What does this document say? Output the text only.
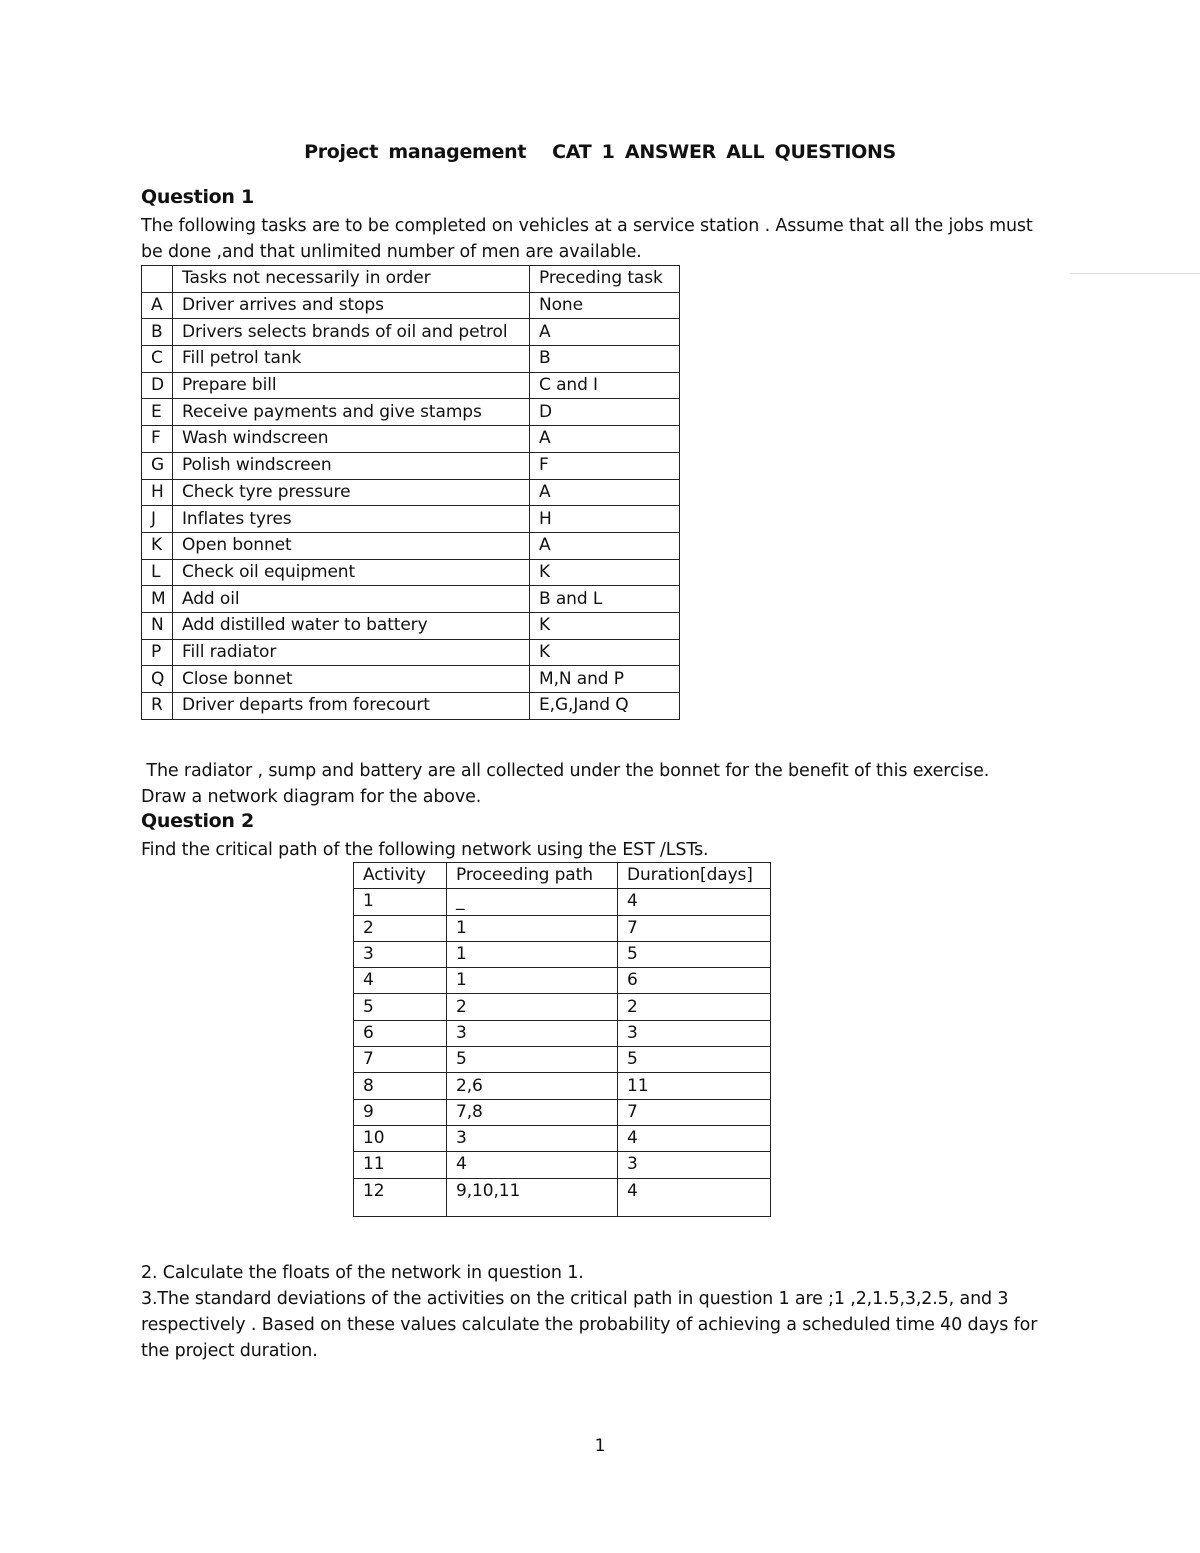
Project management CAT 1 ANSWER ALL QUESTIONS
Question 1
The following tasks are to be completed on vehicles at a service station . Assume that all the jobs must
be done ,and that unlimited number of men are available.
	Tasks not necessarily in order	Preceding task
A	Driver arrives and stops	None
B	Drivers selects brands of oil and petrol	A
C	Fill petrol tank	B
D	Prepare bill	C and I
E	Receive payments and give stamps	D
F	Wash windscreen	A
G	Polish windscreen	F
H	Check tyre pressure	A
J	Inflates tyres	H
K	Open bonnet	A
L	Check oil equipment	K
M	Add oil	B and L
N	Add distilled water to battery	K
P	Fill radiator	K
Q	Close bonnet	M,N and P
R	Driver departs from forecourt	E,G,Jand Q
The radiator , sump and battery are all collected under the bonnet for the benefit of this exercise.
Draw a network diagram for the above.
Question 2
Find the critical path of the following network using the EST /LSTs.
Activity	Proceeding path	Duration[days]
1	_	4
2	1	7
3	1	5
4	1	6
5	2	2
6	3	3
7	5	5
8	2,6	11
9	7,8	7
10	3	4
11	4	3
12	9,10,11	4
2. Calculate the floats of the network in question 1.
3.The standard deviations of the activities on the critical path in question 1 are ;1 ,2,1.5,3,2.5, and 3
respectively . Based on these values calculate the probability of achieving a scheduled time 40 days for
the project duration.
1
